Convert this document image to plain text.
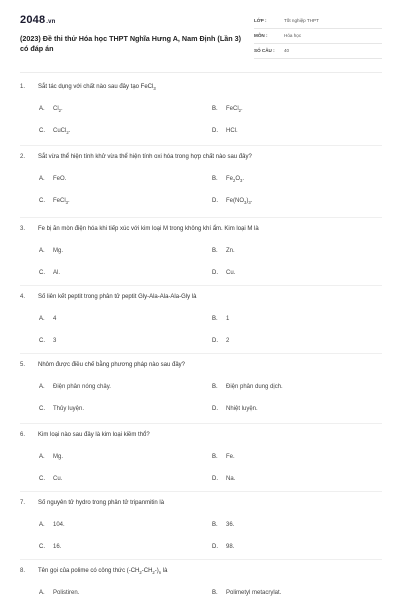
2048.vn
(2023) Đề thi thử Hóa học THPT Nghĩa Hưng A, Nam Định (Lần 3) có đáp án
LỚP :	Tốt nghiệp THPT
MÔN :	Hóa học
SỐ CÂU : 40
1. Sắt tác dụng với chất nào sau đây tạo FeCl$_3$
A. $Cl_2$.	B. FeCl$_2$.
C. CuCl$_2$.	D. HCl.
2. Sắt vừa thể hiện tính khử vừa thể hiện tính oxi hóa trong hợp chất nào sau đây?
A. FeO.	B. $Fe_2O_3$.
C. FeCl$_3$.	D. $Fe(NO_3)_3$.
3. Fe bị ăn mòn điện hóa khi tiếp xúc với kim loại M trong không khí ẩm. Kim loại M là
A. Mg.	B. Zn.
C. Al.	D. Cu.
4. Số liên kết peptit trong phân tử peptit Gly-Ala-Ala-Ala-Gly là
A. 4	B. 1
C. 3	D. 2
5. Nhôm được điều chế bằng phương pháp nào sau đây?
A. Điện phân nóng chảy.	B. Điện phân dung dịch.
C. Thủy luyện.	D. Nhiệt luyện.
6. Kim loại nào sau đây là kim loại kiềm thổ?
A. Mg.	B. Fe.
C. Cu.	D. Na.
7. Số nguyên tử hydro trong phân tử tripanmitin là
A. 104.	B. 36.
C. 16.	D. 98.
8. Tên gọi của polime có công thức $(-CH_2-CH_2-)_n$ là
A. Polistiren.	B. Polimetyl metacrylat.
